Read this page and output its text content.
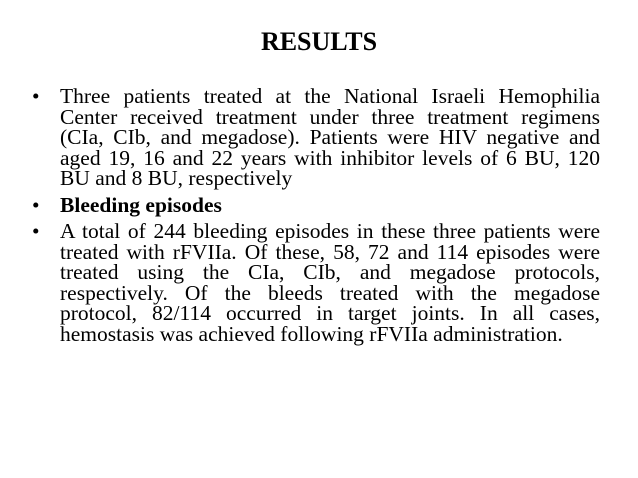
RESULTS
• Three patients treated at the National Israeli Hemophilia Center received treatment under three treatment regimens (CIa, CIb, and megadose). Patients were HIV negative and aged 19, 16 and 22 years with inhibitor levels of 6 BU, 120 BU and 8 BU, respectively
• Bleeding episodes
• A total of 244 bleeding episodes in these three patients were treated with rFVIIa. Of these, 58, 72 and 114 episodes were treated using the CIa, CIb, and megadose protocols, respectively. Of the bleeds treated with the megadose protocol, 82/114 occurred in target joints. In all cases, hemostasis was achieved following rFVIIa administration.
